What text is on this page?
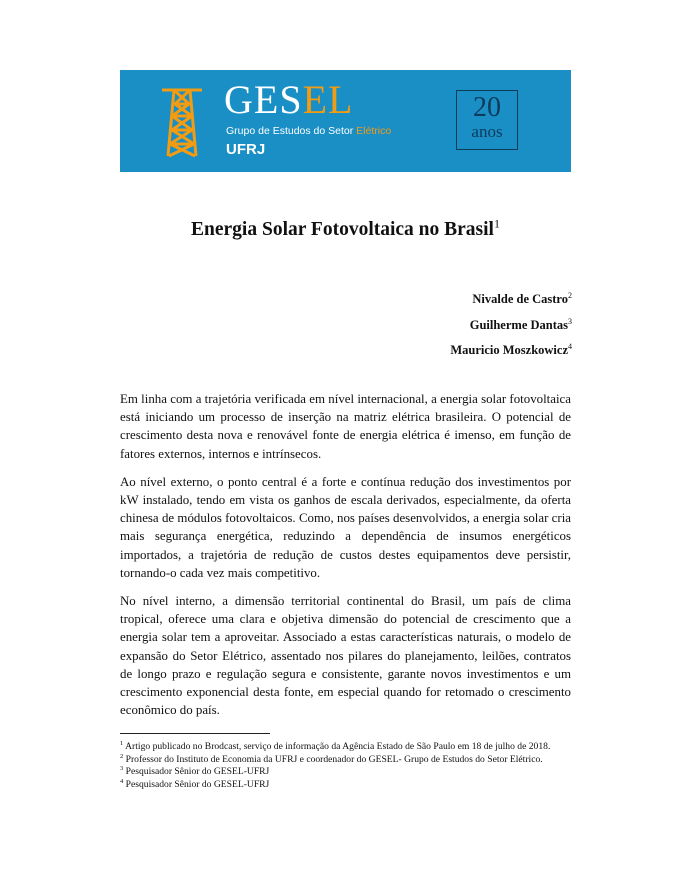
GESEL
Grupo de Estudos do Setor Elétrico
UFRJ
20
anos
Energia Solar Fotovoltaica no Brasil$^1$
Nivalde de Castro$^2$
Guilherme Dantas$^3$
Mauricio Moszkowicz$^4$

Em linha com a trajetória verificada em nível internacional, a energia solar fotovoltaica está iniciando um processo de inserção na matriz elétrica brasileira. O potencial de crescimento desta nova e renovável fonte de energia elétrica é imenso, em função de fatores externos, internos e intrínsecos.

Ao nível externo, o ponto central é a forte e contínua redução dos investimentos por kW instalado, tendo em vista os ganhos de escala derivados, especialmente, da oferta chinesa de módulos fotovoltaicos. Como, nos países desenvolvidos, a energia solar cria mais segurança energética, reduzindo a dependência de insumos energéticos importados, a trajetória de redução de custos destes equipamentos deve persistir, tornando-o cada vez mais competitivo.

No nível interno, a dimensão territorial continental do Brasil, um país de clima tropical, oferece uma clara e objetiva dimensão do potencial de crescimento que a energia solar tem a aproveitar. Associado a estas características naturais, o modelo de expansão do Setor Elétrico, assentado nos pilares do planejamento, leilões, contratos de longo prazo e regulação segura e consistente, garante novos investimentos e um crescimento exponencial desta fonte, em especial quando for retomado o crescimento econômico do país.

$^1$ Artigo publicado no Brodcast, serviço de informação da Agência Estado de São Paulo em 18 de julho de 2018.
$^2$ Professor do Instituto de Economia da UFRJ e coordenador do GESEL- Grupo de Estudos do Setor Elétrico.
$^3$ Pesquisador Sênior do GESEL-UFRJ
$^4$ Pesquisador Sênior do GESEL-UFRJ
